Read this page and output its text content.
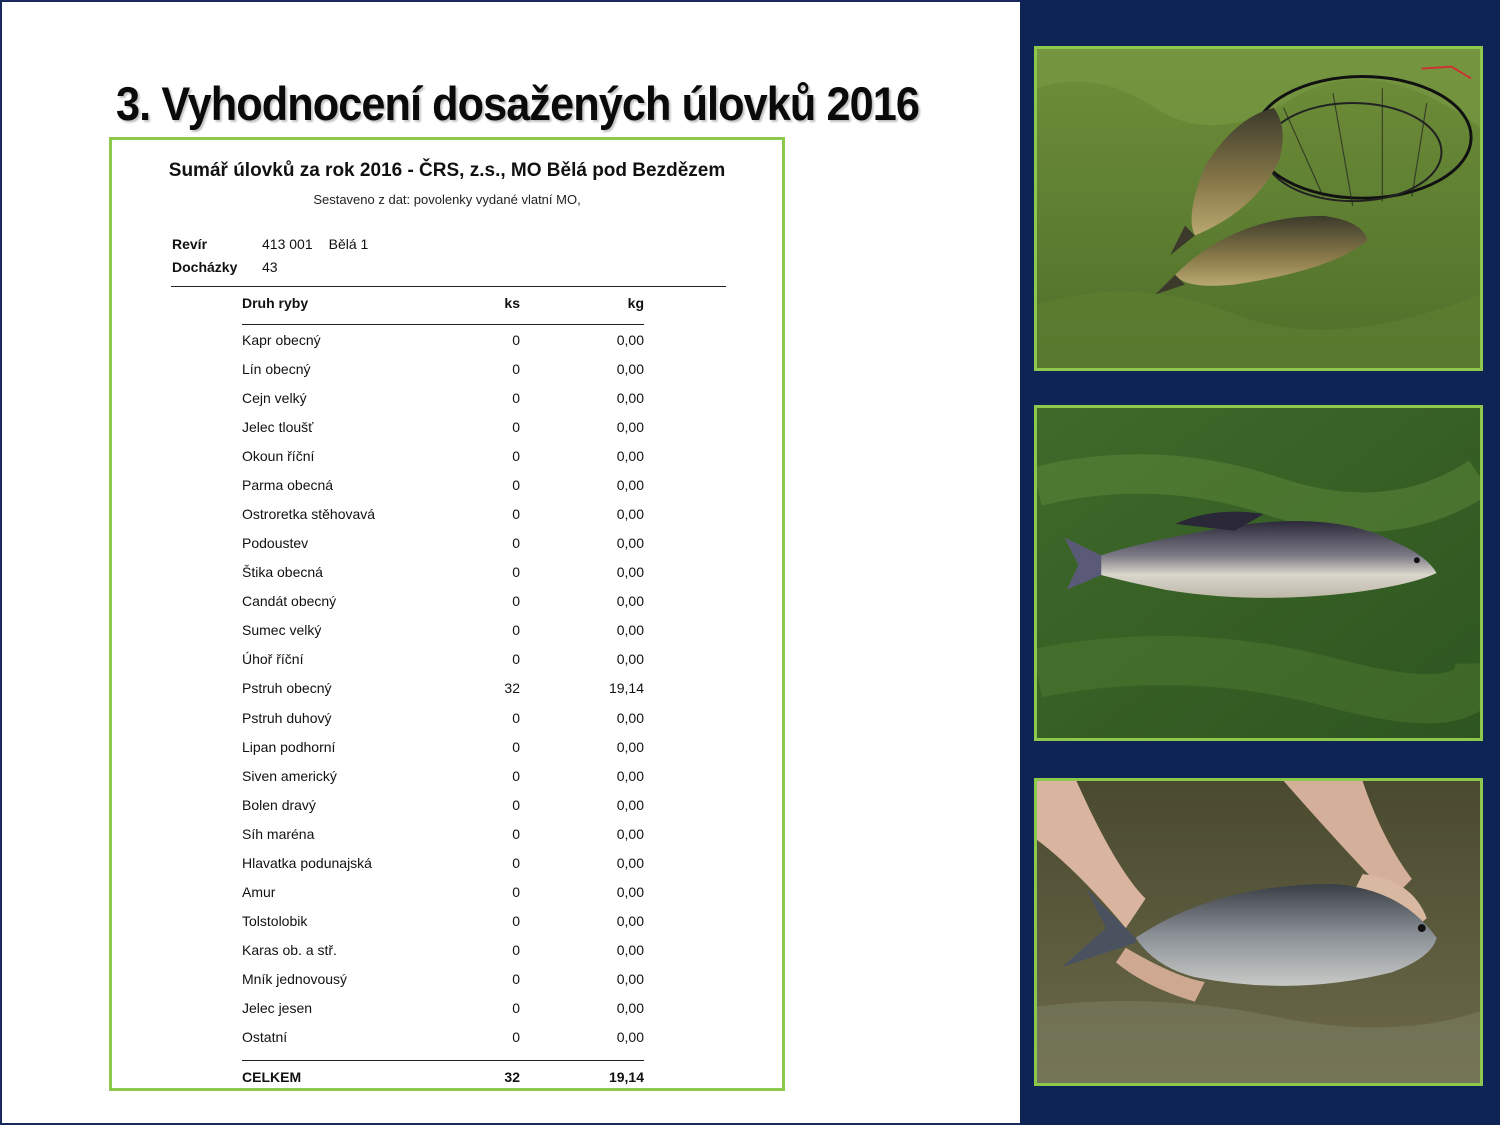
3. Vyhodnocení dosažených úlovků 2016
Sumář úlovků za rok 2016 - ČRS, z.s., MO Bělá pod Bezdězem
Sestaveno z dat: povolenky vydané vlatní MO,
Revír	413 001 Bělá 1
Docházky 43
Druh ryby	ks	kg
Kapr obecný	0	0,00
Lín obecný	0	0,00
Cejn velký	0	0,00
Jelec tloušť	0	0,00
Okoun říční	0	0,00
Parma obecná	0	0,00
Ostroretka stěhovavá	0	0,00
Podoustev	0	0,00
Štika obecná	0	0,00
Candát obecný	0	0,00
Sumec velký	0	0,00
Úhoř říční	0	0,00
Pstruh obecný	32	19,14
Pstruh duhový	0	0,00
Lipan podhorní	0	0,00
Siven americký	0	0,00
Bolen dravý	0	0,00
Síh maréna	0	0,00
Hlavatka podunajská	0	0,00
Amur	0	0,00
Tolstolobik	0	0,00
Karas ob. a stř.	0	0,00
Mník jednovousý	0	0,00
Jelec jesen	0	0,00
Ostatní	0	0,00
CELKEM	32	19,14
